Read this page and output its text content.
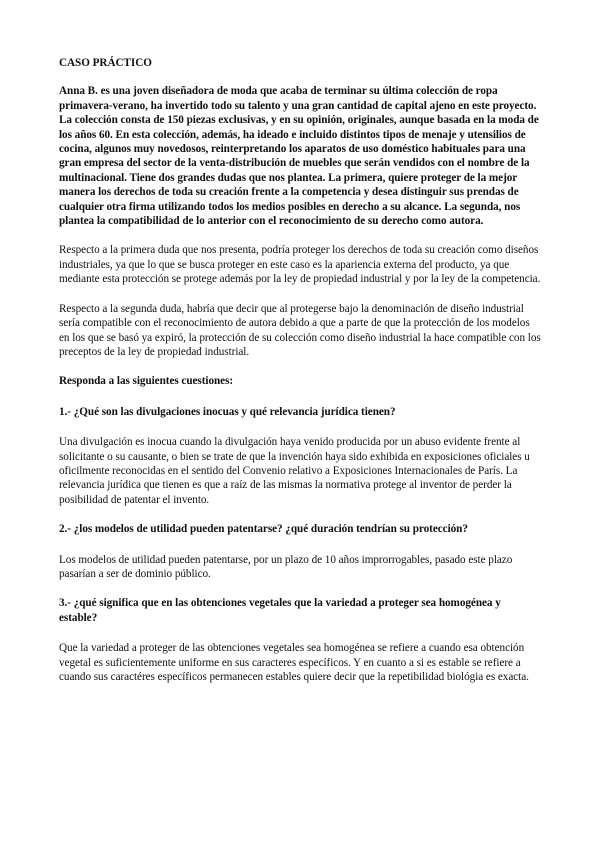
CASO PRÁCTICO

Anna B. es una joven diseñadora de moda que acaba de terminar su última colección de ropa primavera-verano, ha invertido todo su talento y una gran cantidad de capital ajeno en este proyecto. La colección consta de 150 piezas exclusivas, y en su opinión, originales, aunque basada en la moda de los años 60. En esta colección, además, ha ideado e incluido distintos tipos de menaje y utensilios de cocina, algunos muy novedosos, reinterpretando los aparatos de uso doméstico habituales para una gran empresa del sector de la venta-distribución de muebles que serán vendidos con el nombre de la multinacional. Tiene dos grandes dudas que nos plantea. La primera, quiere proteger de la mejor manera los derechos de toda su creación frente a la competencia y desea distinguir sus prendas de cualquier otra firma utilizando todos los medios posibles en derecho a su alcance. La segunda, nos plantea la compatibilidad de lo anterior con el reconocimiento de su derecho como autora.

Respecto a la primera duda que nos presenta, podría proteger los derechos de toda su creación como diseños industriales, ya que lo que se busca proteger en este caso es la apariencia externa del producto, ya que mediante esta protección se protege además por la ley de propiedad industrial y por la ley de la competencia.

Respecto a la segunda duda, habría que decir que al protegerse bajo la denominación de diseño industrial sería compatible con el reconocimiento de autora debido a que a parte de que la protección de los modelos en los que se basó ya expiró, la protección de su colección como diseño industrial la hace compatible con los preceptos de la ley de propiedad industrial.

Responda a las siguientes cuestiones:

1.- ¿Qué son las divulgaciones inocuas y qué relevancia jurídica tienen?

Una divulgación es inocua cuando la divulgación haya venido producida por un abuso evidente frente al solicitante o su causante, o bien se trate de que la invención haya sido exhibida en exposiciones oficiales u oficilmente reconocidas en el sentido del Convenio relativo a Exposiciones Internacionales de París. La relevancia jurídica que tienen es que a raíz de las mismas la normativa protege al inventor de perder la posibilidad de patentar el invento.

2.- ¿los modelos de utilidad pueden patentarse? ¿qué duración tendrían su protección?

Los modelos de utilidad pueden patentarse, por un plazo de 10 años improrrogables, pasado este plazo pasarían a ser de dominio público.

3.- ¿qué significa que en las obtenciones vegetales que la variedad a proteger sea homogénea y estable?

Que la variedad a proteger de las obtenciones vegetales sea homogénea se refiere a cuando esa obtención vegetal es suficientemente uniforme en sus caracteres específicos. Y en cuanto a si es estable se refiere a cuando sus caractéres específicos permanecen estables quiere decir que la repetibilidad biológia es exacta.
